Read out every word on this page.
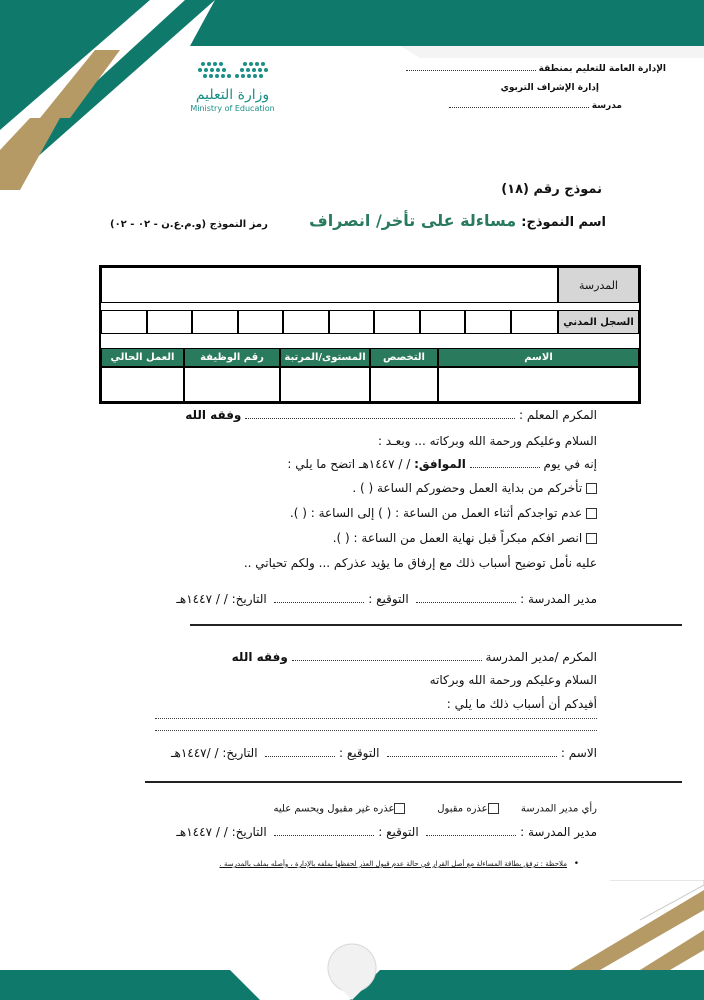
وزارة التعليم
Ministry of Education
الإدارة العامة للتعليم بمنطقة
إدارة الإشراف التربوي
مدرسة
نموذج رقم (١٨)
اسم النموذج: مساءلة على تأخر/ انصراف
رمز النموذج (و.م.ع.ن - ٠٢ - ٠٢)
المدرسة
السجل المدني
الاسم
التخصص
المستوى/المرتبة
رقم الوظيفة
العمل الحالي
المكرم المعلم :  وفقه الله
السلام وعليكم ورحمة الله وبركاته ... وبعـد :
إنه في يوم  الموافق: / / ١٤٤٧هـ اتضح ما يلي :
تأخركم من بداية العمل وحضوركم الساعة ( ) .
عدم تواجدكم أثناء العمل من الساعة : ( ) إلى الساعة : ( ).
انصر افكم مبكراً قبل نهاية العمل من الساعة : ( ).
عليه نأمل توضيح أسباب ذلك مع إرفاق ما يؤيد عذركم ... ولكم تحياتي ..
مدير المدرسة :   التوقيع :   التاريخ: / / ١٤٤٧هـ
المكرم /مدير المدرسة  وفقه الله
السلام وعليكم ورحمة الله وبركاته
أفيدكم أن أسباب ذلك ما يلي :
الاسم :   التوقيع :   التاريخ: / /١٤٤٧هـ
رأي مدير المدرسة       عذره مقبول          عذره غير مقبول ويحسم عليه
مدير المدرسة :   التوقيع :   التاريخ: / / ١٤٤٧هـ
•   ملاحظة : ترفق بطاقة المساءلة مع أصل القرار في حالة عدم قبول العذر لحفظها بملفه بالإدارة ، وأصله بملف بالمدرسة .
